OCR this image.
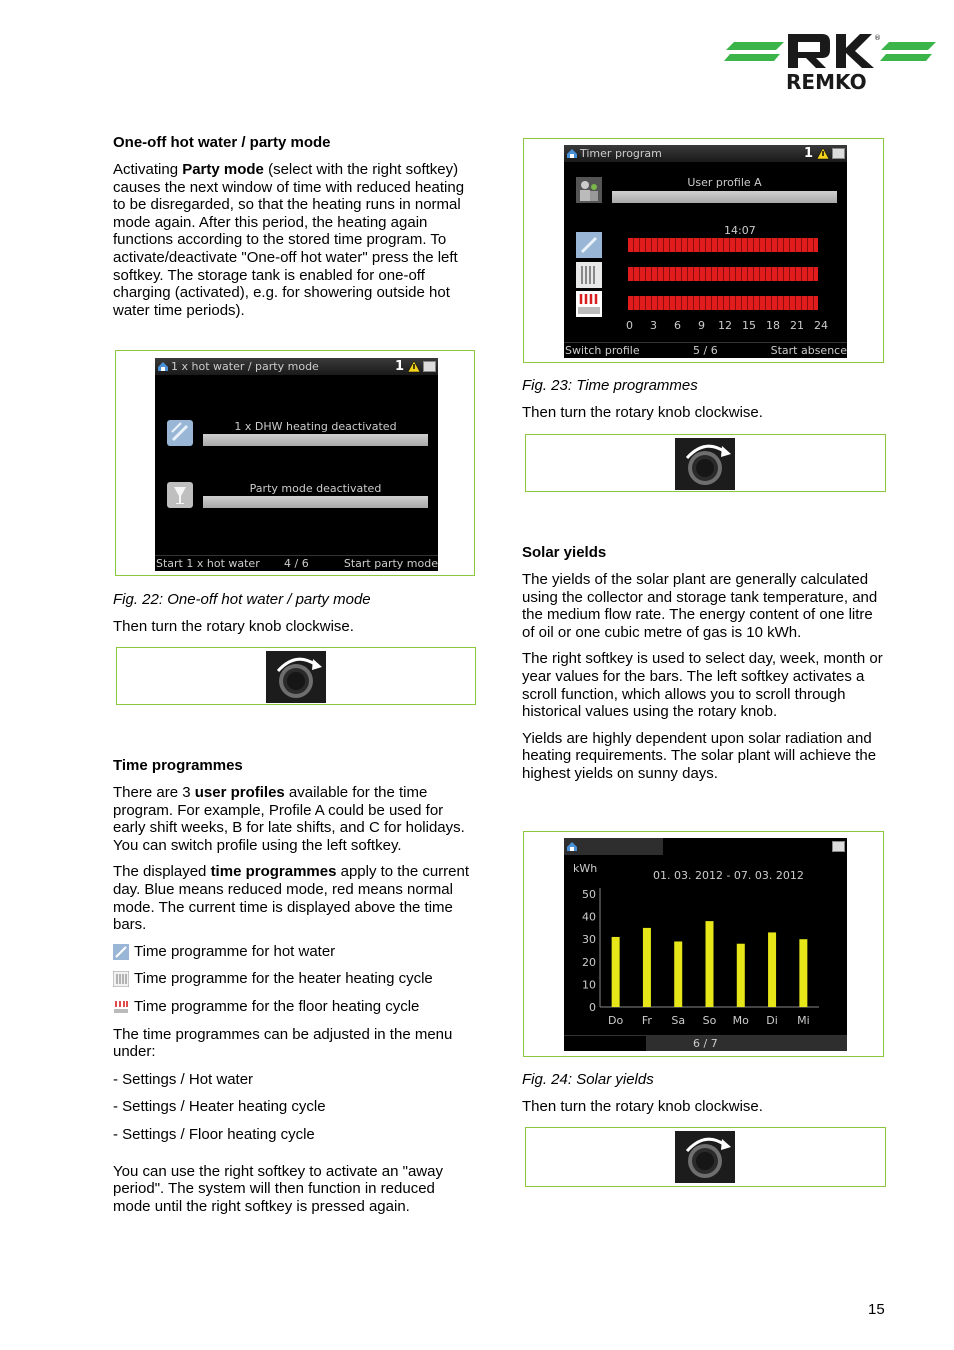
®
REMKO
One-off hot water / party mode

Activating Party mode (select with the right softkey) causes the next window of time with reduced heating to be disregarded, so that the heating runs in normal mode again. After this period, the heating again functions according to the stored time program. To activate/deactivate "One-off hot water" press the left softkey. The storage tank is enabled for one-off charging (activated), e.g. for showering outside hot water time periods).

1 x hot water / party mode	1
1 x DHW heating deactivated
Party mode deactivated
Start 1 x hot water 4 / 6	Start party mode
Fig. 22: One-off hot water / party mode
Then turn the rotary knob clockwise.
Time programmes

There are 3 user profiles available for the time program. For example, Profile A could be used for early shift weeks, B for late shifts, and C for holidays. You can switch profile using the left softkey.

The displayed time programmes apply to the current day. Blue means reduced mode, red means normal mode. The current time is displayed above the time bars.

Time programme for hot water
Time programme for the heater heating cycle
Time programme for the floor heating cycle

The time programmes can be adjusted in the menu under:

- Settings / Hot water

- Settings / Heater heating cycle

- Settings / Floor heating cycle

You can use the right softkey to activate an "away period". The system will then function in reduced mode until the right softkey is pressed again.

Timer program	1
User profile A
14:07
0 3 6 9 12 15 18 21 24
Switch profile	5 / 6	Start absence
Fig. 23: Time programmes
Then turn the rotary knob clockwise.
Solar yields

The yields of the solar plant are generally calculated using the collector and storage tank temperature, and the medium flow rate. The energy content of one litre of oil or one cubic metre of gas is 10 kWh.

The right softkey is used to select day, week, month or year values for the bars. The left softkey activates a scroll function, which allows you to scroll through historical values using the rotary knob.

Yields are highly dependent upon solar radiation and heating requirements. The solar plant will achieve the highest yields on sunny days.

kWh
01. 03. 2012 - 07. 03. 2012
0
10
20
30
40
50
Do Fr Sa So Mo Di Mi
6 / 7
Fig. 24: Solar yields
Then turn the rotary knob clockwise.
15
